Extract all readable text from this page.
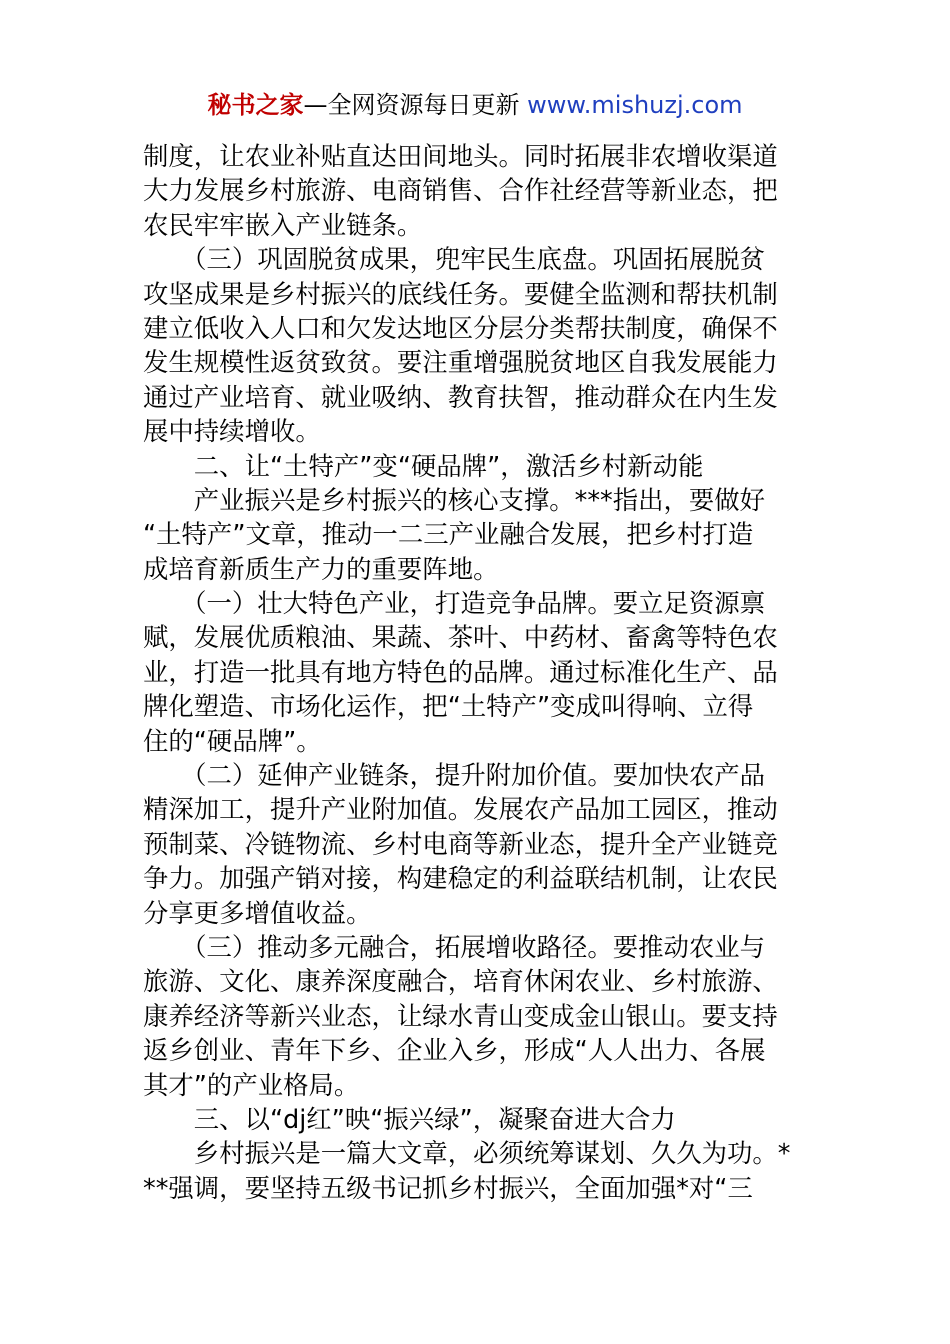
秘书之家—全网资源每日更新 www.mishuzj.com
制度，让农业补贴直达田间地头。同时拓展非农增收渠道
大力发展乡村旅游、电商销售、合作社经营等新业态，把
农民牢牢嵌入产业链条。
　　（三）巩固脱贫成果，兜牢民生底盘。巩固拓展脱贫
攻坚成果是乡村振兴的底线任务。要健全监测和帮扶机制
建立低收入人口和欠发达地区分层分类帮扶制度，确保不
发生规模性返贫致贫。要注重增强脱贫地区自我发展能力
通过产业培育、就业吸纳、教育扶智，推动群众在内生发
展中持续增收。
　　二、让“土特产”变“硬品牌”，激活乡村新动能
　　产业振兴是乡村振兴的核心支撑。***指出，要做好
“土特产”文章，推动一二三产业融合发展，把乡村打造
成培育新质生产力的重要阵地。
　　（一）壮大特色产业，打造竞争品牌。要立足资源禀
赋，发展优质粮油、果蔬、茶叶、中药材、畜禽等特色农
业，打造一批具有地方特色的品牌。通过标准化生产、品
牌化塑造、市场化运作，把“土特产”变成叫得响、立得
住的“硬品牌”。
　　（二）延伸产业链条，提升附加价值。要加快农产品
精深加工，提升产业附加值。发展农产品加工园区，推动
预制菜、冷链物流、乡村电商等新业态，提升全产业链竞
争力。加强产销对接，构建稳定的利益联结机制，让农民
分享更多增值收益。
　　（三）推动多元融合，拓展增收路径。要推动农业与
旅游、文化、康养深度融合，培育休闲农业、乡村旅游、
康养经济等新兴业态，让绿水青山变成金山银山。要支持
返乡创业、青年下乡、企业入乡，形成“人人出力、各展
其才”的产业格局。
　　三、以“dj红”映“振兴绿”，凝聚奋进大合力
　　乡村振兴是一篇大文章，必须统筹谋划、久久为功。*
**强调，要坚持五级书记抓乡村振兴，全面加强*对“三
